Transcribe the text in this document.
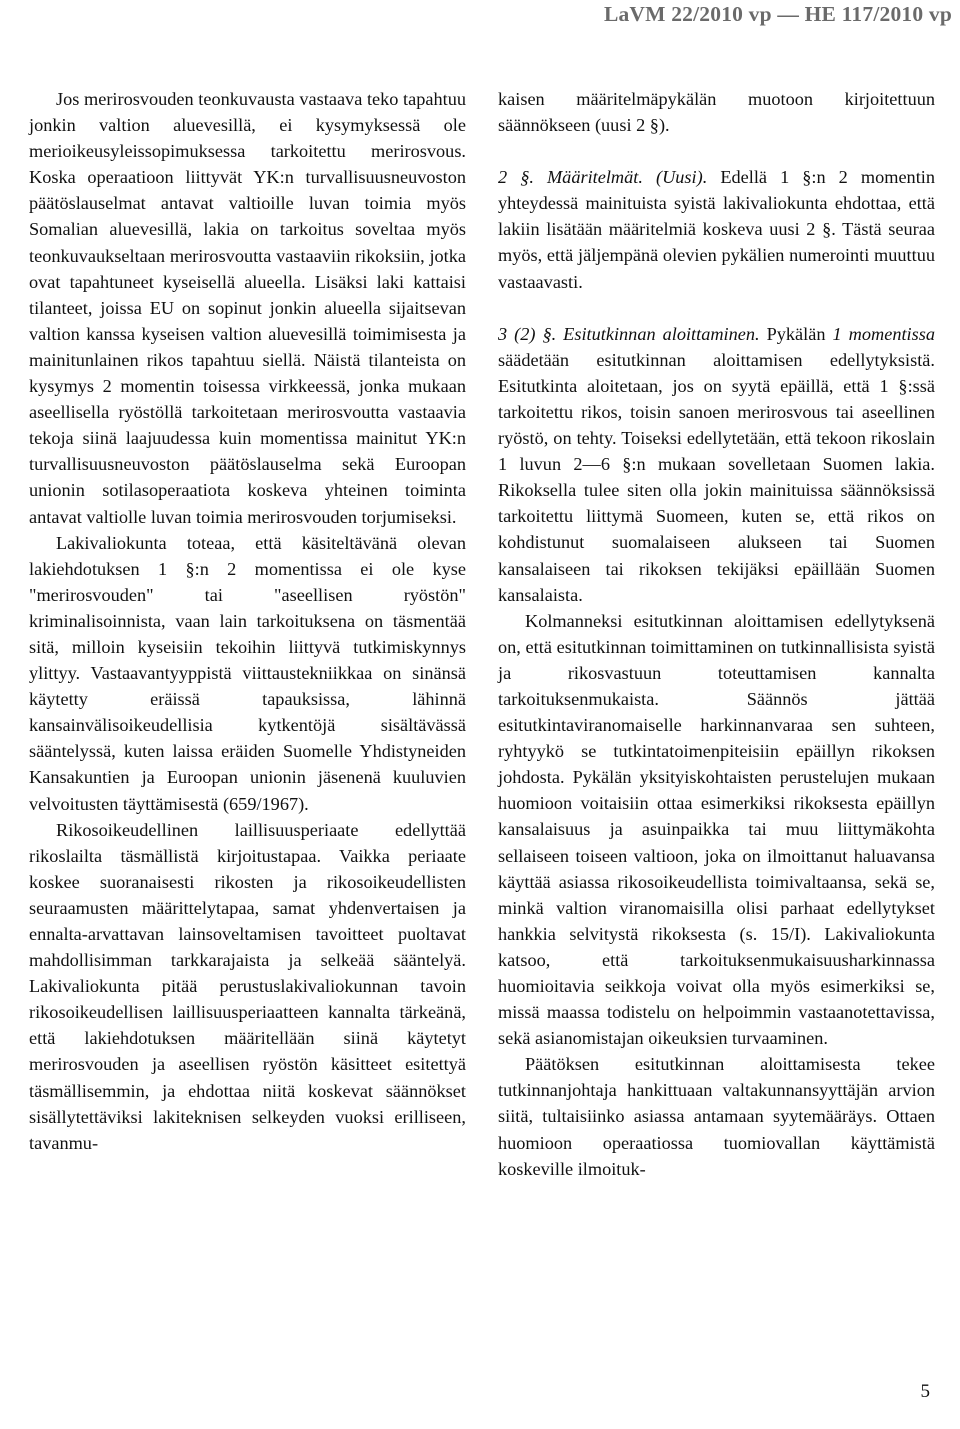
LaVM 22/2010 vp — HE 117/2010 vp

Jos merirosvouden teonkuvausta vastaava teko tapahtuu jonkin valtion aluevesillä, ei kysymyksessä ole merioikeusyleissopimuksessa tarkoitettu merirosvous. Koska operaatioon liittyvät YK:n turvallisuusneuvoston päätöslauselmat antavat valtioille luvan toimia myös Somalian aluevesillä, lakia on tarkoitus soveltaa myös teonkuvaukseltaan merirosvoutta vastaaviin rikoksiin, jotka ovat tapahtuneet kyseisellä alueella. Lisäksi laki kattaisi tilanteet, joissa EU on sopinut jonkin alueella sijaitsevan valtion kanssa kyseisen valtion aluevesillä toimimisesta ja mainitunlainen rikos tapahtuu siellä. Näistä tilanteista on kysymys 2 momentin toisessa virkkeessä, jonka mukaan aseellisella ryöstöllä tarkoitetaan merirosvoutta vastaavia tekoja siinä laajuudessa kuin momentissa mainitut YK:n turvallisuusneuvoston päätöslauselma sekä Euroopan unionin sotilasoperaatiota koskeva yhteinen toiminta antavat valtiolle luvan toimia merirosvouden torjumiseksi.

Lakivaliokunta toteaa, että käsiteltävänä olevan lakiehdotuksen 1 §:n 2 momentissa ei ole kyse "merirosvouden" tai "aseellisen ryöstön" kriminalisoinnista, vaan lain tarkoituksena on täsmentää sitä, milloin kyseisiin tekoihin liittyvä tutkimiskynnys ylittyy. Vastaavantyyppistä viittaustekniikkaa on sinänsä käytetty eräissä tapauksissa, lähinnä kansainvälisoikeudellisia kytkentöjä sisältävässä sääntelyssä, kuten laissa eräiden Suomelle Yhdistyneiden Kansakuntien ja Euroopan unionin jäsenenä kuuluvien velvoitusten täyttämisestä (659/1967).

Rikosoikeudellinen laillisuusperiaate edellyttää rikoslailta täsmällistä kirjoitustapaa. Vaikka periaate koskee suoranaisesti rikosten ja rikosoikeudellisten seuraamusten määrittelytapaa, samat yhdenvertaisen ja ennalta-arvattavan lainsoveltamisen tavoitteet puoltavat mahdollisimman tarkkarajaista ja selkeää sääntelyä. Lakivaliokunta pitää perustuslakivaliokunnan tavoin rikosoikeudellisen laillisuusperiaatteen kannalta tärkeänä, että lakiehdotuksen määritellään siinä käytetyt merirosvouden ja aseellisen ryöstön käsitteet esitettyä täsmällisemmin, ja ehdottaa niitä koskevat säännökset sisällytettäviksi lakiteknisen selkeyden vuoksi erilliseen, tavanmu-

kaisen määritelmäpykälän muotoon kirjoitettuun säännökseen (uusi 2 §).

2 §. Määritelmät. (Uusi). Edellä 1 §:n 2 momentin yhteydessä mainituista syistä lakivaliokunta ehdottaa, että lakiin lisätään määritelmiä koskeva uusi 2 §. Tästä seuraa myös, että jäljempänä olevien pykälien numerointi muuttuu vastaavasti.

3 (2) §. Esitutkinnan aloittaminen. Pykälän 1 momentissa säädetään esitutkinnan aloittamisen edellytyksistä. Esitutkinta aloitetaan, jos on syytä epäillä, että 1 §:ssä tarkoitettu rikos, toisin sanoen merirosvous tai aseellinen ryöstö, on tehty. Toiseksi edellytetään, että tekoon rikoslain 1 luvun 2—6 §:n mukaan sovelletaan Suomen lakia. Rikoksella tulee siten olla jokin mainituissa säännöksissä tarkoitettu liittymä Suomeen, kuten se, että rikos on kohdistunut suomalaiseen alukseen tai Suomen kansalaiseen tai rikoksen tekijäksi epäillään Suomen kansalaista.

Kolmanneksi esitutkinnan aloittamisen edellytyksenä on, että esitutkinnan toimittaminen on tutkinnallisista syistä ja rikosvastuun toteuttamisen kannalta tarkoituksenmukaista. Säännös jättää esitutkintaviranomaiselle harkinnanvaraa sen suhteen, ryhtyykö se tutkintatoimenpiteisiin epäillyn rikoksen johdosta. Pykälän yksityiskohtaisten perustelujen mukaan huomioon voitaisiin ottaa esimerkiksi rikoksesta epäillyn kansalaisuus ja asuinpaikka tai muu liittymäkohta sellaiseen toiseen valtioon, joka on ilmoittanut haluavansa käyttää asiassa rikosoikeudellista toimivaltaansa, sekä se, minkä valtion viranomaisilla olisi parhaat edellytykset hankkia selvitystä rikoksesta (s. 15/I). Lakivaliokunta katsoo, että tarkoituksenmukaisuusharkinnassa huomioitavia seikkoja voivat olla myös esimerkiksi se, missä maassa todistelu on helpoimmin vastaanotettavissa, sekä asianomistajan oikeuksien turvaaminen.

Päätöksen esitutkinnan aloittamisesta tekee tutkinnanjohtaja hankittuaan valtakunnansyyttäjän arvion siitä, tultaisiinko asiassa antamaan syytemääräys. Ottaen huomioon operaatiossa tuomiovallan käyttämistä koskeville ilmoituk-

5
